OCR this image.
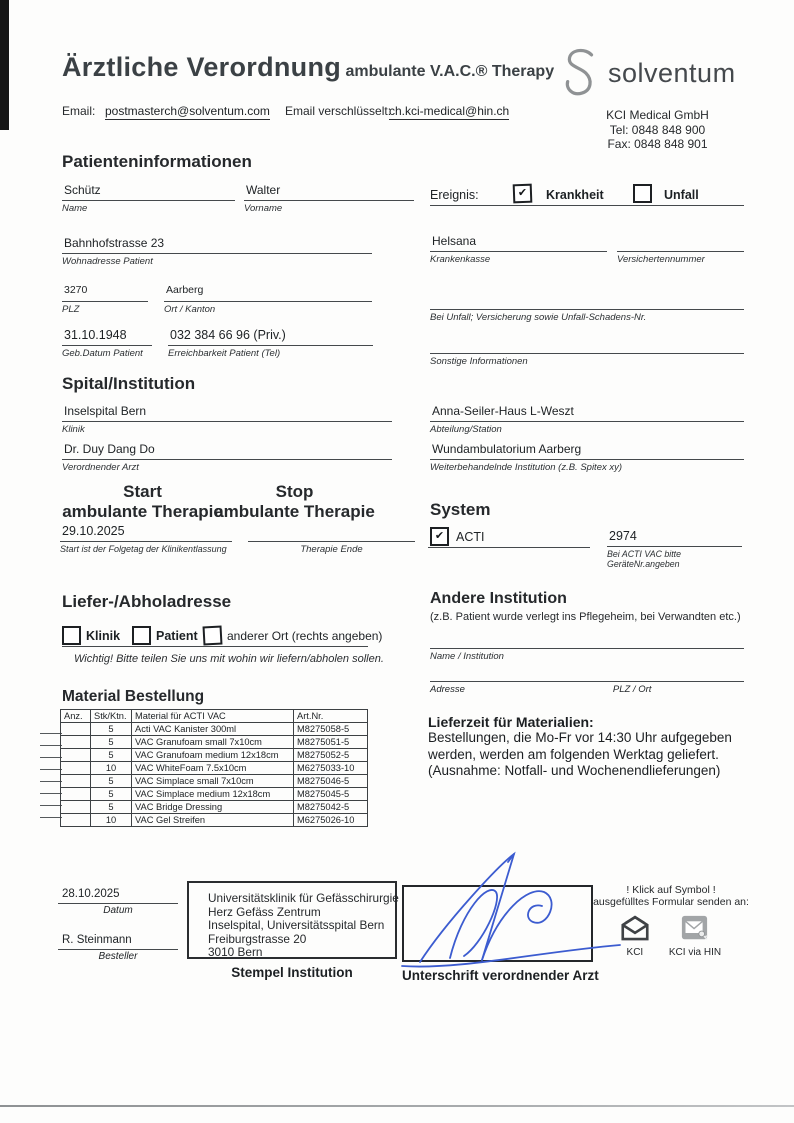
Ärztliche Verordnung ambulante V.A.C.® Therapy solventum
Email: postmasterch@solventum.com Email verschlüsselt:
ch.kci-medical@hin.ch	KCI Medical GmbH
Tel: 0848 848 900
Fax: 0848 848 901
Patienteninformationen
Schütz
Name
Walter
Vorname
Ereignis:	✔	Krankheit	Unfall
Bahnhofstrasse 23
Wohnadresse Patient
Helsana
Krankenkasse	Versichertennummer
3270
PLZ
Aarberg
Ort / Kanton
Bei Unfall; Versicherung sowie Unfall-Schadens-Nr.
31.10.1948
Geb.Datum Patient
032 384 66 96 (Priv.)
Erreichbarkeit Patient (Tel)
Sonstige Informationen
Spital/Institution
Inselspital Bern
Klinik
Anna-Seiler-Haus L-Weszt
Abteilung/Station
Dr. Duy Dang Do
Verordnender Arzt
Wundambulatorium Aarberg
Weiterbehandelnde Institution (z.B. Spitex xy)
Start
ambulante Therapie
Stop
ambulante Therapie
29.10.2025
Start ist der Folgetag der Klinikentlassung	Therapie Ende
System
✔ ACTI	2974
Bei ACTI VAC bitte GeräteNr.angeben
Liefer-/Abholadresse
Klinik	Patient anderer Ort (rechts angeben)
Wichtig! Bitte teilen Sie uns mit wohin wir liefern/abholen sollen.
Andere Institution
(z.B. Patient wurde verlegt ins Pflegeheim, bei Verwandten etc.)
Name / Institution
Adresse	PLZ / Ort
Material Bestellung
Anz.	Stk/Ktn.	Material für ACTI VAC	Art.Nr.
	5	Acti VAC Kanister 300ml	M8275058-5
	5	VAC Granufoam small 7x10cm	M8275051-5
	5	VAC Granufoam medium 12x18cm	M8275052-5
	10	VAC WhiteFoam 7.5x10cm	M6275033-10
	5	VAC Simplace small 7x10cm	M8275046-5
	5	VAC Simplace medium 12x18cm	M8275045-5
	5	VAC Bridge Dressing	M8275042-5
	10	VAC Gel Streifen	M6275026-10
Lieferzeit für Materialien:
Bestellungen, die Mo-Fr vor 14:30 Uhr aufgegeben
werden, werden am folgenden Werktag geliefert.
(Ausnahme: Notfall- und Wochenendlieferungen)
28.10.2025
Datum
R. Steinmann
Besteller
Universitätsklinik für Gefässchirurgie
Herz Gefäss Zentrum
Inselspital, Universitätsspital Bern
Freiburgstrasse 20
3010 Bern
Stempel Institution	Unterschrift verordnender Arzt
! Klick auf Symbol !
ausgefülltes Formular senden an:
KCI	KCI via HIN
